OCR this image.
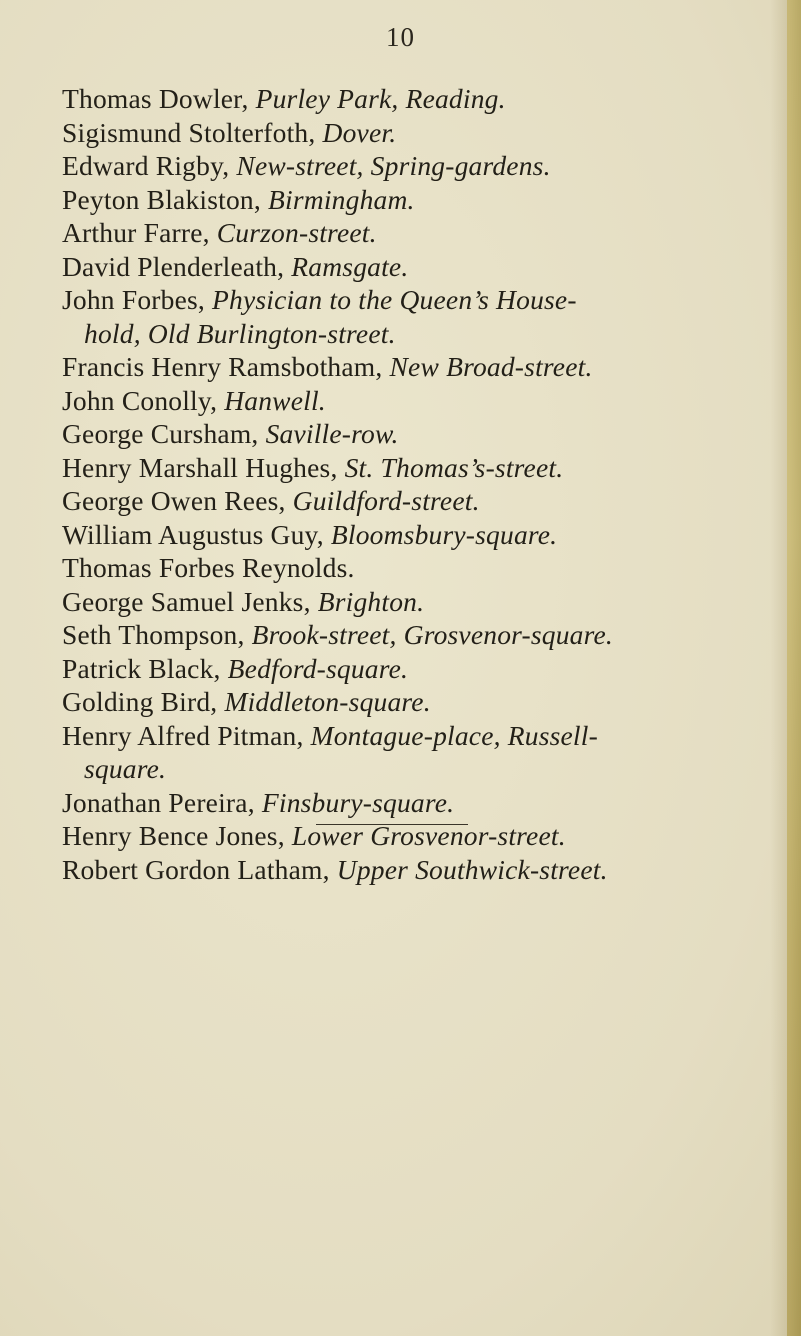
10
Thomas Dowler, Purley Park, Reading.
Sigismund Stolterfoth, Dover.
Edward Rigby, New-street, Spring-gardens.
Peyton Blakiston, Birmingham.
Arthur Farre, Curzon-street.
David Plenderleath, Ramsgate.
John Forbes, Physician to the Queen’s House-
hold, Old Burlington-street.
Francis Henry Ramsbotham, New Broad-street.
John Conolly, Hanwell.
George Cursham, Saville-row.
Henry Marshall Hughes, St. Thomas’s-street.
George Owen Rees, Guildford-street.
William Augustus Guy, Bloomsbury-square.
Thomas Forbes Reynolds.
George Samuel Jenks, Brighton.
Seth Thompson, Brook-street, Grosvenor-square.
Patrick Black, Bedford-square.
Golding Bird, Middleton-square.
Henry Alfred Pitman, Montague-place, Russell-
square.
Jonathan Pereira, Finsbury-square.
Henry Bence Jones, Lower Grosvenor-street.
Robert Gordon Latham, Upper Southwick-street.
